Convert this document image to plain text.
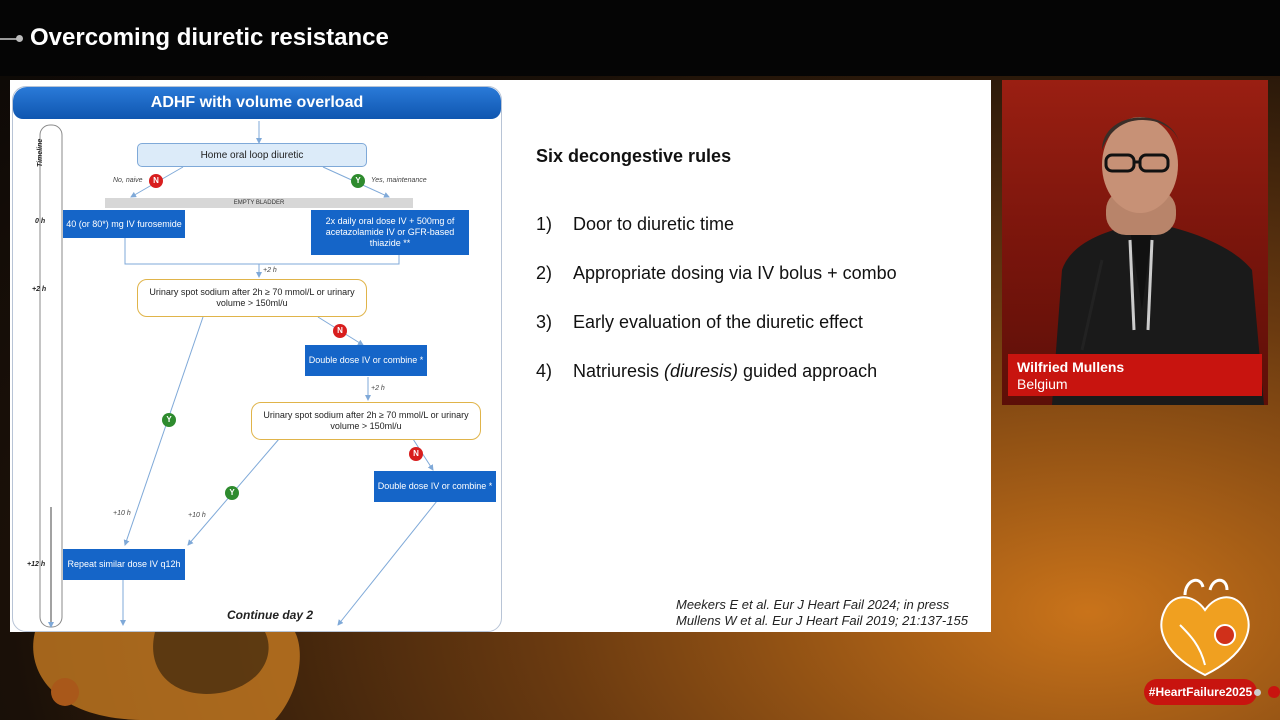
Overcoming diuretic resistance
ADHF with volume overload
Timeline
0 h
+2 h
+12 h
Home oral loop diuretic
No, naive	N	Y	Yes, maintenance
EMPTY BLADDER
40 (or 80*) mg IV furosemide	2x daily oral dose IV + 500mg of acetazolamide IV or GFR-based thiazide **
+2 h
Urinary spot sodium after 2h ≥ 70 mmol/L or urinary volume > 150ml/u
N
Double dose IV or combine *
+2 h
Urinary spot sodium after 2h ≥ 70 mmol/L or urinary volume > 150ml/u
Y
N
Double dose IV or combine *
Y
+10 h	+10 h
Repeat similar dose IV q12h
Continue day 2
Six decongestive rules
1) Door to diuretic time
2) Appropriate dosing via IV bolus + combo
3) Early evaluation of the diuretic effect
4) Natriuresis (diuresis) guided approach
Meekers E et al. Eur J Heart Fail 2024; in press
Mullens W et al. Eur J Heart Fail 2019; 21:137-155
Wilfried Mullens
Belgium
#HeartFailure2025
